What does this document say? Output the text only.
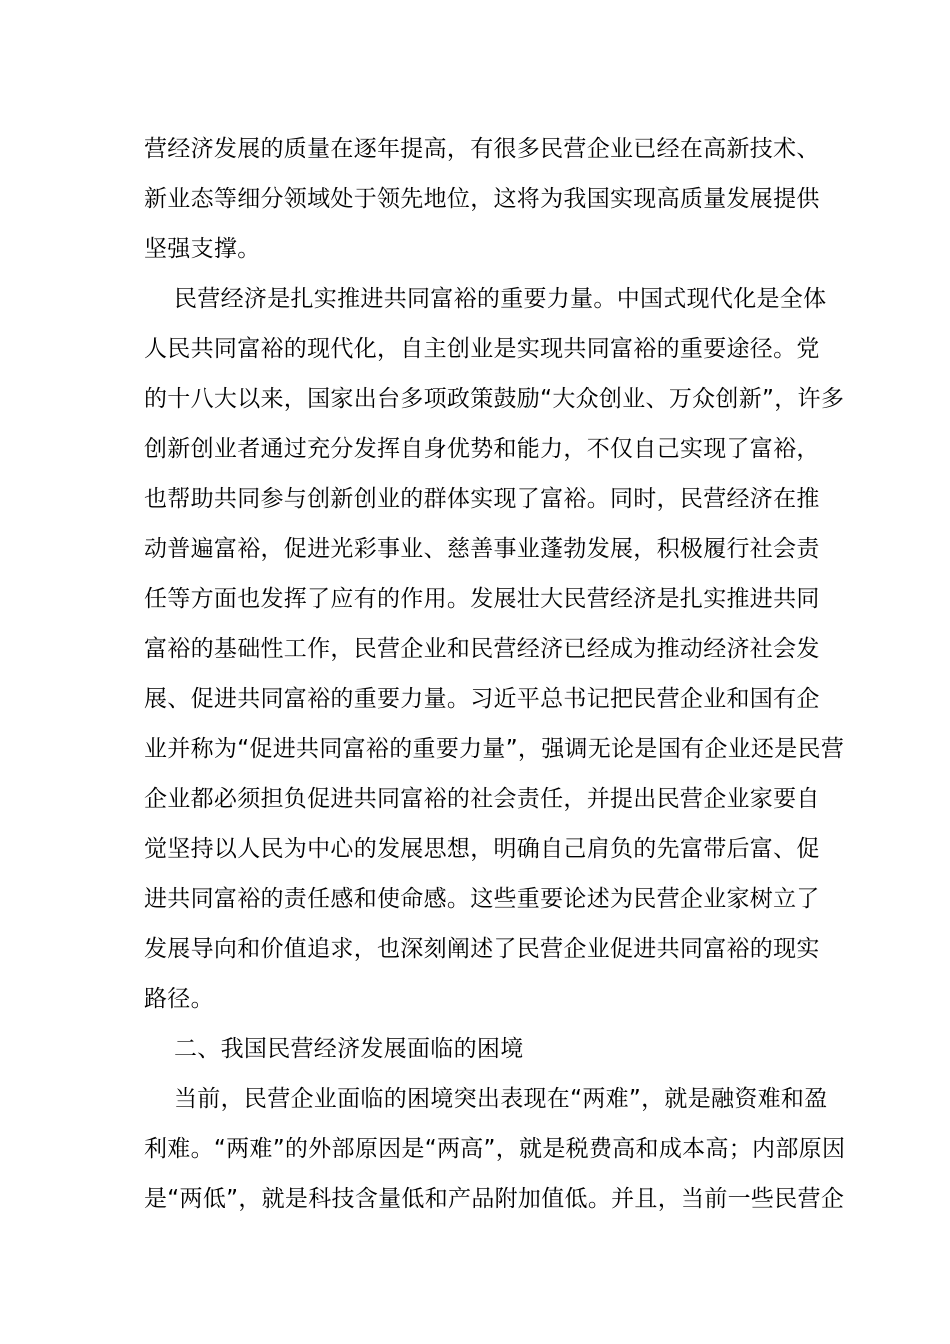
营经济发展的质量在逐年提高，有很多民营企业已经在高新技术、
新业态等细分领域处于领先地位，这将为我国实现高质量发展提供
坚强支撑。
民营经济是扎实推进共同富裕的重要力量。中国式现代化是全体
人民共同富裕的现代化，自主创业是实现共同富裕的重要途径。党
的十八大以来，国家出台多项政策鼓励“大众创业、万众创新”，许多
创新创业者通过充分发挥自身优势和能力，不仅自己实现了富裕，
也帮助共同参与创新创业的群体实现了富裕。同时，民营经济在推
动普遍富裕，促进光彩事业、慈善事业蓬勃发展，积极履行社会责
任等方面也发挥了应有的作用。发展壮大民营经济是扎实推进共同
富裕的基础性工作，民营企业和民营经济已经成为推动经济社会发
展、促进共同富裕的重要力量。习近平总书记把民营企业和国有企
业并称为“促进共同富裕的重要力量”，强调无论是国有企业还是民营
企业都必须担负促进共同富裕的社会责任，并提出民营企业家要自
觉坚持以人民为中心的发展思想，明确自己肩负的先富带后富、促
进共同富裕的责任感和使命感。这些重要论述为民营企业家树立了
发展导向和价值追求，也深刻阐述了民营企业促进共同富裕的现实
路径。
二、我国民营经济发展面临的困境
当前，民营企业面临的困境突出表现在“两难”，就是融资难和盈
利难。“两难”的外部原因是“两高”，就是税费高和成本高；内部原因
是“两低”，就是科技含量低和产品附加值低。并且，当前一些民营企
